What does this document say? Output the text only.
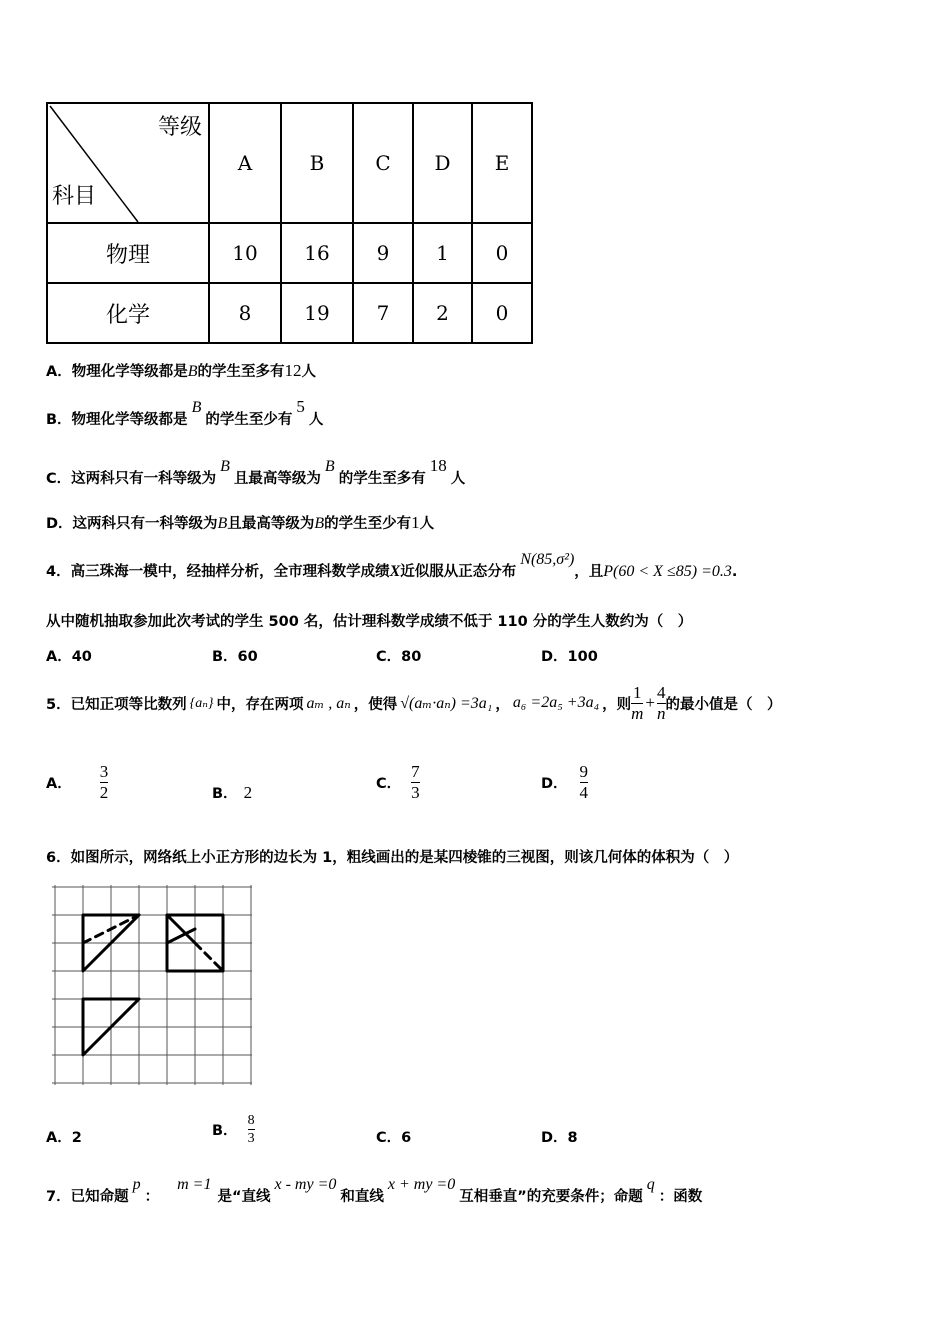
等级
科目	A	B	C	D	E
物理	10	16	9	1	0
化学	8	19	7	2	0
A．物理化学等级都是B的学生至多有12人
B．物理化学等级都是B的学生至少有5人
C．这两科只有一科等级为B且最高等级为B的学生至多有18人
D．这两科只有一科等级为B且最高等级为B的学生至少有1人
4．高三珠海一模中，经抽样分析，全市理科数学成绩X近似服从正态分布N(85,σ²)，且P(60 < X ≤85) =0.3.
从中随机抽取参加此次考试的学生 500 名，估计理科数学成绩不低于 110 分的学生人数约为（　）
A．40	B．60	C．80	D．100
5．已知正项等比数列 {aₙ} 中，存在两项 aₘ , aₙ ，使得 √(aₘ·aₙ) =3a₁ ， a₆ =2a₅ +3a₄ ，则 $\frac{1}{m} + \frac{4}{n}$ 的最小值是（　）
A． $\frac{3}{2}$	B． 2	C． $\frac{7}{3}$	D． $\frac{9}{4}$
6．如图所示，网络纸上小正方形的边长为 1，粗线画出的是某四棱锥的三视图，则该几何体的体积为（　）
A．2	B． $\frac{8}{3}$	C．6	D．8
7．已知命题p：m =1是“直线x - my =0和直线x + my =0互相垂直”的充要条件；命题q：函数
